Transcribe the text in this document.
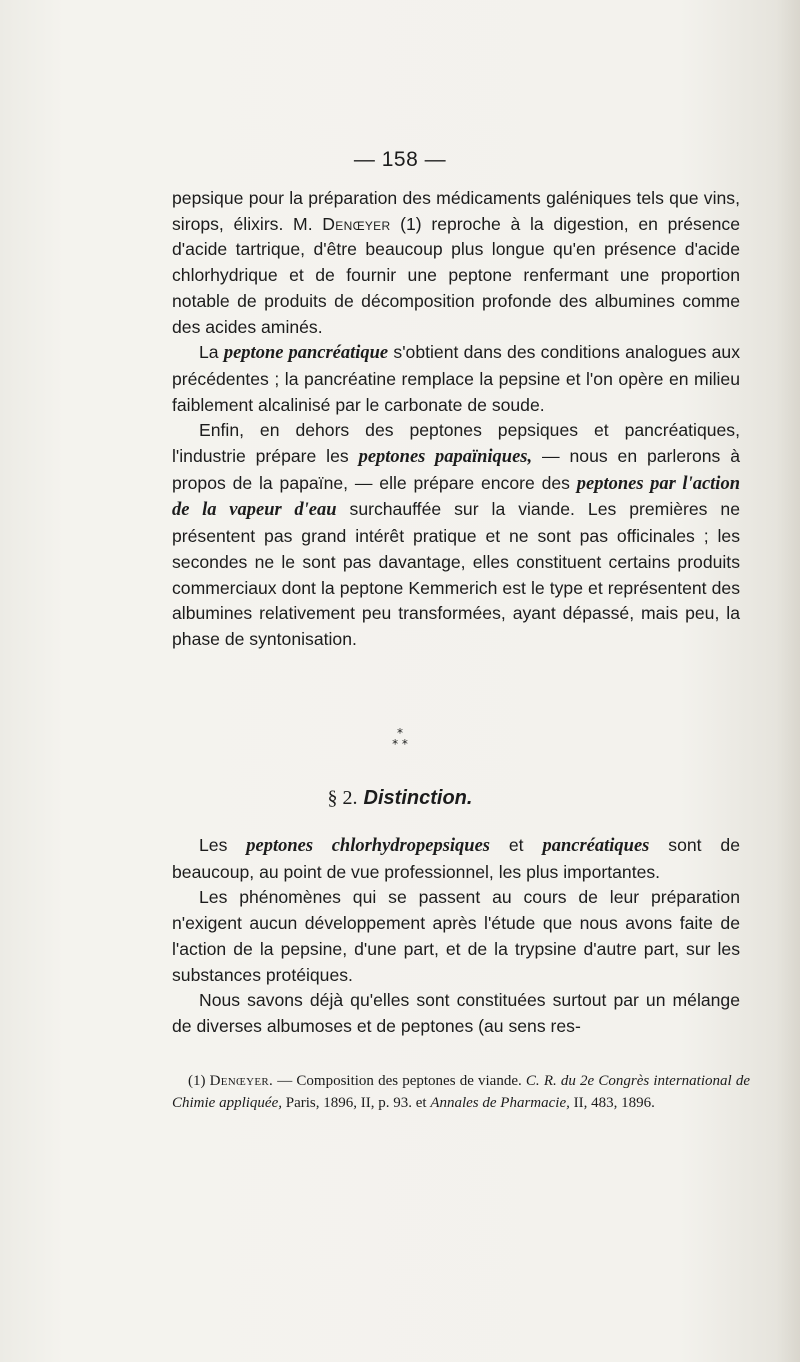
— 158 —

pepsique pour la préparation des médicaments galéniques tels que vins, sirops, élixirs. M. Denœyer (1) reproche à la digestion, en présence d'acide tartrique, d'être beaucoup plus longue qu'en présence d'acide chlorhydrique et de fournir une peptone renfermant une proportion notable de produits de décomposition profonde des albumines comme des acides aminés.

La peptone pancréatique s'obtient dans des conditions analogues aux précédentes ; la pancréatine remplace la pepsine et l'on opère en milieu faiblement alcalinisé par le carbonate de soude.

Enfin, en dehors des peptones pepsiques et pancréatiques, l'industrie prépare les peptones papaïniques, — nous en parlerons à propos de la papaïne, — elle prépare encore des peptones par l'action de la vapeur d'eau surchauffée sur la viande. Les premières ne présentent pas grand intérêt pratique et ne sont pas officinales ; les secondes ne le sont pas davantage, elles constituent certains produits commerciaux dont la peptone Kemmerich est le type et représentent des albumines relativement peu transformées, ayant dépassé, mais peu, la phase de syntonisation.

*
* *
§ 2. Distinction.

Les peptones chlorhydropepsiques et pancréatiques sont de beaucoup, au point de vue professionnel, les plus importantes.

Les phénomènes qui se passent au cours de leur préparation n'exigent aucun développement après l'étude que nous avons faite de l'action de la pepsine, d'une part, et de la trypsine d'autre part, sur les substances protéiques.

Nous savons déjà qu'elles sont constituées surtout par un mélange de diverses albumoses et de peptones (au sens res-

(1) Denœyer. — Composition des peptones de viande. C. R. du 2e Congrès international de Chimie appliquée, Paris, 1896, II, p. 93. et Annales de Pharmacie, II, 483, 1896.
